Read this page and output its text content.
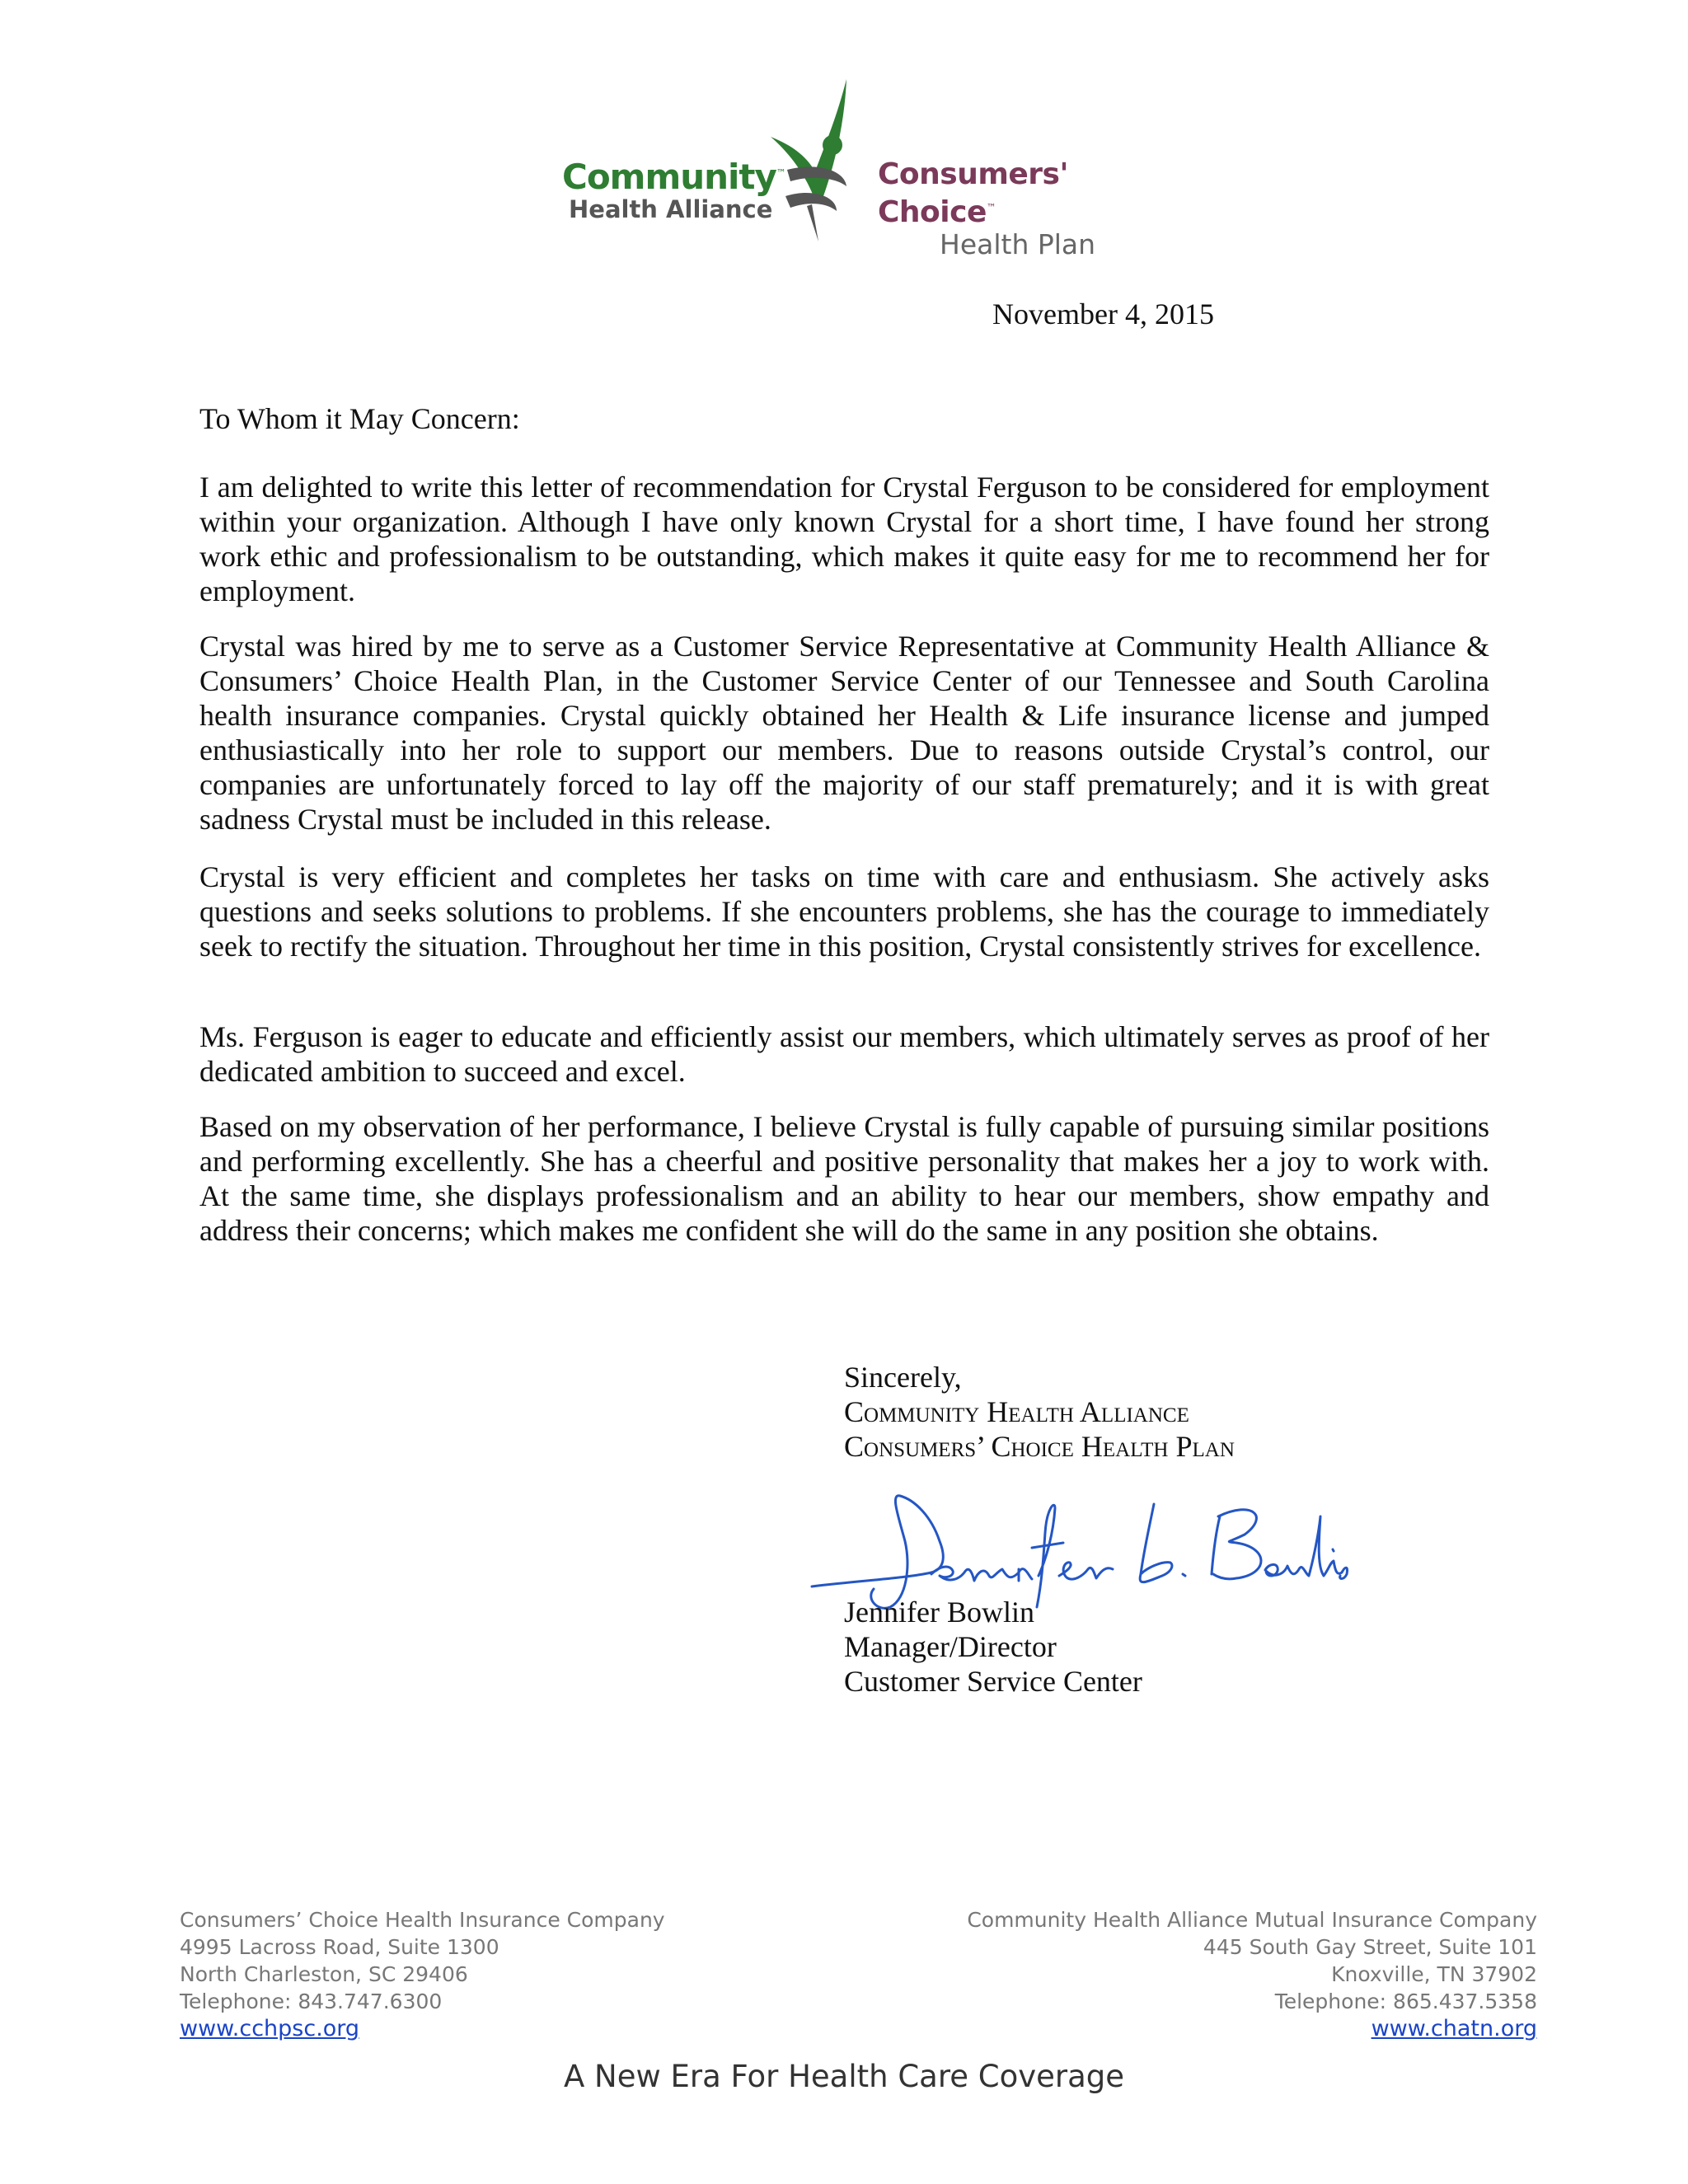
Community™
Health Alliance
Consumers' Choice™
Health Plan
November 4, 2015
To Whom it May Concern:

I am delighted to write this letter of recommendation for Crystal Ferguson to be considered for employment within your organization. Although I have only known Crystal for a short time, I have found her strong work ethic and professionalism to be outstanding, which makes it quite easy for me to recommend her for employment.

Crystal was hired by me to serve as a Customer Service Representative at Community Health Alliance & Consumers’ Choice Health Plan, in the Customer Service Center of our Tennessee and South Carolina health insurance companies. Crystal quickly obtained her Health & Life insurance license and jumped enthusiastically into her role to support our members. Due to reasons outside Crystal’s control, our companies are unfortunately forced to lay off the majority of our staff prematurely; and it is with great sadness Crystal must be included in this release.

Crystal is very efficient and completes her tasks on time with care and enthusiasm. She actively asks questions and seeks solutions to problems. If she encounters problems, she has the courage to immediately seek to rectify the situation. Throughout her time in this position, Crystal consistently strives for excellence.

Ms. Ferguson is eager to educate and efficiently assist our members, which ultimately serves as proof of her dedicated ambition to succeed and excel.

Based on my observation of her performance, I believe Crystal is fully capable of pursuing similar positions and performing excellently. She has a cheerful and positive personality that makes her a joy to work with. At the same time, she displays professionalism and an ability to hear our members, show empathy and address their concerns; which makes me confident she will do the same in any position she obtains.

Sincerely,
Community Health Alliance
Consumers’ Choice Health Plan
Jennifer Bowlin
Manager/Director
Customer Service Center
Consumers’ Choice Health Insurance Company
4995 Lacross Road, Suite 1300
North Charleston, SC 29406
Telephone: 843.747.6300
www.cchpsc.org
Community Health Alliance Mutual Insurance Company
445 South Gay Street, Suite 101
Knoxville, TN 37902
Telephone: 865.437.5358
www.chatn.org
A New Era For Health Care Coverage
